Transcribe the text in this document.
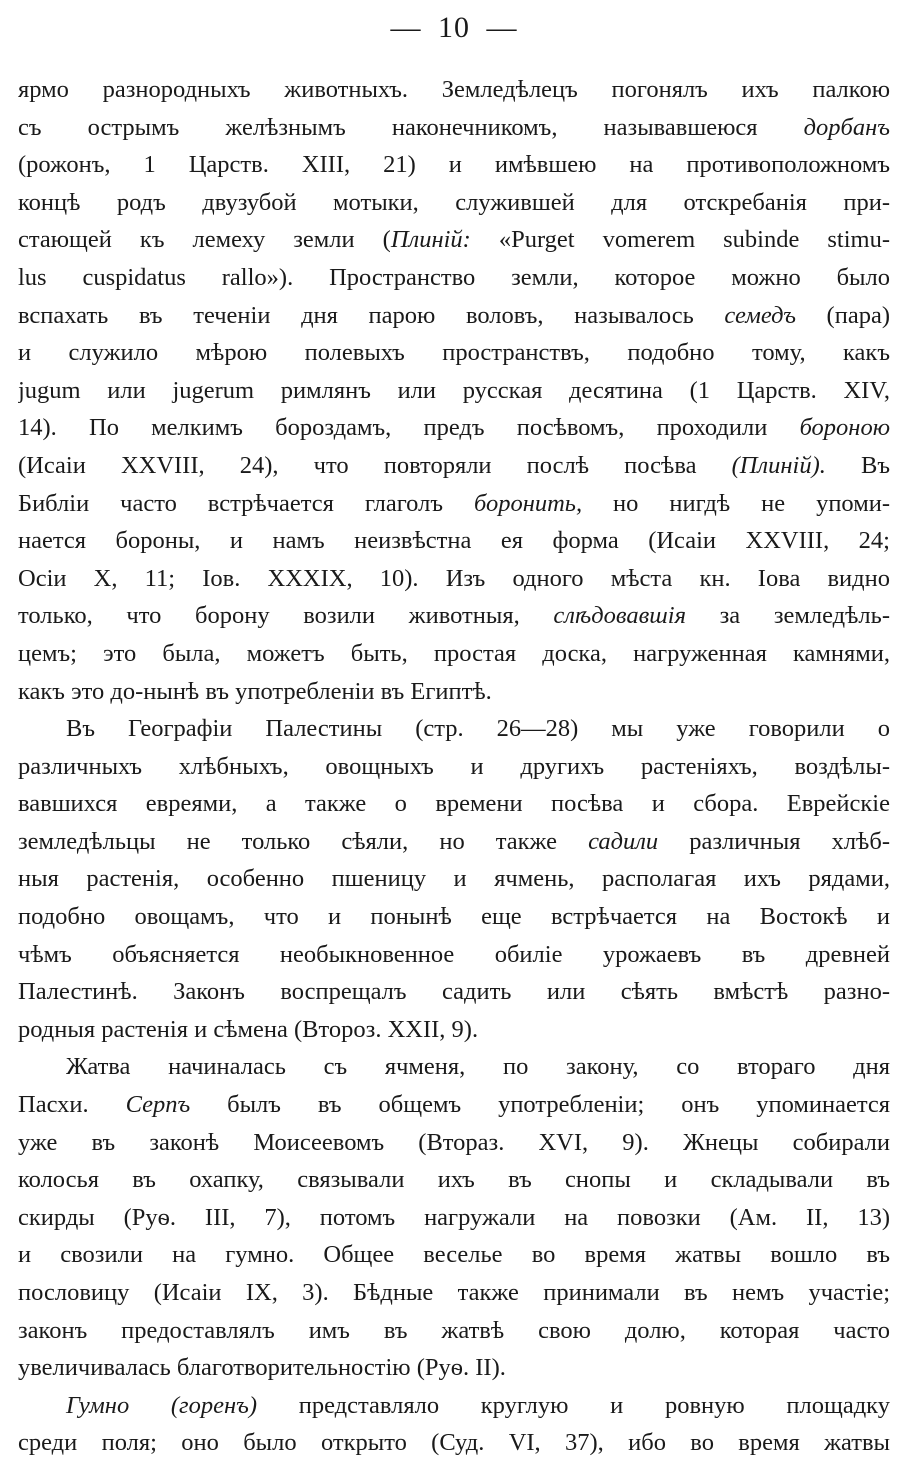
— 10 —
ярмо разнородныхъ животныхъ. Земледѣлецъ погонялъ ихъ палкою
съ острымъ желѣзнымъ наконечникомъ, называвшеюся дорбанъ
(рожонъ, 1 Царств. XIII, 21) и имѣвшею на противоположномъ
концѣ родъ двузубой мотыки, служившей для отскребанія при-
стающей къ лемеху земли (Плиній: «Purget vomerem subinde stimu-
lus cuspidatus rallo»). Пространство земли, которое можно было
вспахать въ теченіи дня парою воловъ, называлось семедъ (пара)
и служило мѣрою полевыхъ пространствъ, подобно тому, какъ
jugum или jugerum римлянъ или русская десятина (1 Царств. XIV,
14). По мелкимъ бороздамъ, предъ посѣвомъ, проходили бороною
(Исаіи XXVIII, 24), что повторяли послѣ посѣва (Плиній). Въ
Библіи часто встрѣчается глаголъ боронить, но нигдѣ не упоми-
нается бороны, и намъ неизвѣстна ея форма (Исаіи XXVIII, 24;
Осіи X, 11; Іов. XXXIX, 10). Изъ одного мѣста кн. Іова видно
только, что борону возили животныя, слѣдовавшія за земледѣль-
цемъ; это была, можетъ быть, простая доска, нагруженная камнями,
какъ это до-нынѣ въ употребленіи въ Египтѣ.
Въ Географіи Палестины (стр. 26—28) мы уже говорили о
различныхъ хлѣбныхъ, овощныхъ и другихъ растеніяхъ, воздѣлы-
вавшихся евреями, а также о времени посѣва и сбора. Еврейскіе
земледѣльцы не только сѣяли, но также садили различныя хлѣб-
ныя растенія, особенно пшеницу и ячмень, располагая ихъ рядами,
подобно овощамъ, что и понынѣ еще встрѣчается на Востокѣ и
чѣмъ объясняется необыкновенное обиліе урожаевъ въ древней
Палестинѣ. Законъ воспрещалъ садить или сѣять вмѣстѣ разно-
родныя растенія и сѣмена (Второз. XXII, 9).
Жатва начиналась съ ячменя, по закону, со втораго дня
Пасхи. Серпъ былъ въ общемъ употребленіи; онъ упоминается
уже въ законѣ Моисеевомъ (Втораз. XVI, 9). Жнецы собирали
колосья въ охапку, связывали ихъ въ снопы и складывали въ
скирды (Руѳ. III, 7), потомъ нагружали на повозки (Ам. II, 13)
и свозили на гумно. Общее веселье во время жатвы вошло въ
пословицу (Исаіи IX, 3). Бѣдные также принимали въ немъ участіе;
законъ предоставлялъ имъ въ жатвѣ свою долю, которая часто
увеличивалась благотворительностію (Руѳ. II).
Гумно (горенъ) представляло круглую и ровную площадку
среди поля; оно было открыто (Суд. VI, 37), ибо во время жатвы
